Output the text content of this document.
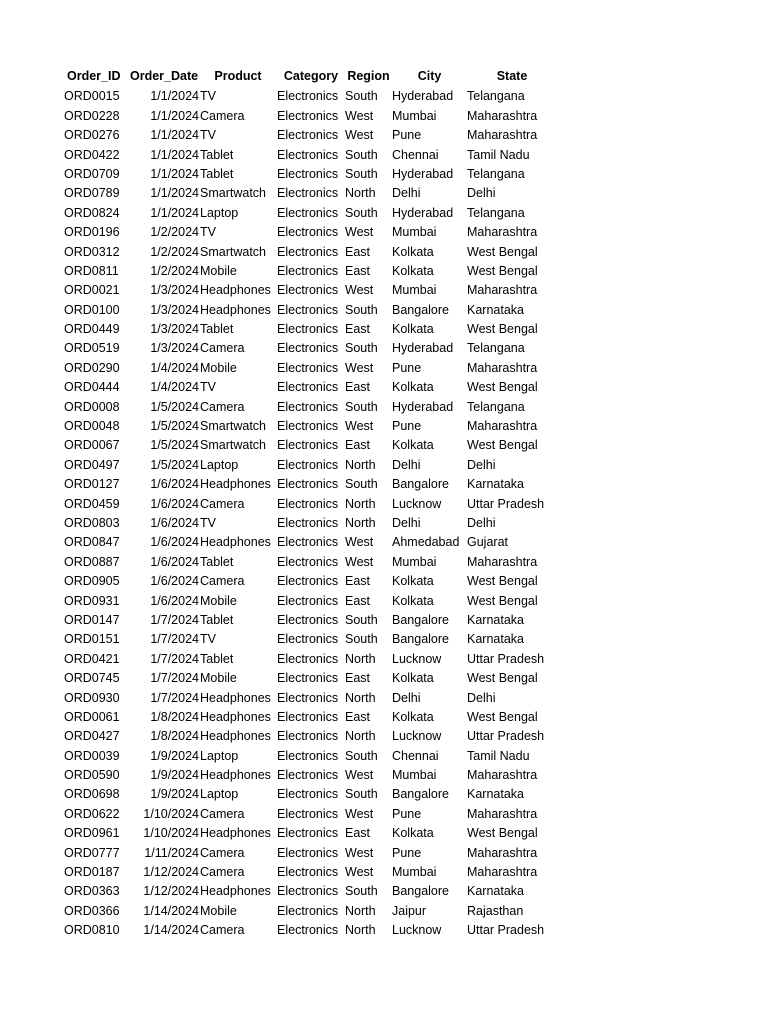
Order_ID Order_Date	Product	Category Region	City	State
ORD0015	1/1/2024 TV	Electronics South	Hyderabad	Telangana
ORD0228	1/1/2024 Camera	Electronics West	Mumbai	Maharashtra
ORD0276	1/1/2024 TV	Electronics West	Pune	Maharashtra
ORD0422	1/1/2024 Tablet	Electronics South	Chennai	Tamil Nadu
ORD0709	1/1/2024 Tablet	Electronics South	Hyderabad	Telangana
ORD0789	1/1/2024 Smartwatch Electronics North	Delhi	Delhi
ORD0824	1/1/2024 Laptop	Electronics South	Hyderabad	Telangana
ORD0196	1/2/2024 TV	Electronics West	Mumbai	Maharashtra
ORD0312	1/2/2024 Smartwatch Electronics East	Kolkata	West Bengal
ORD0811	1/2/2024 Mobile	Electronics East	Kolkata	West Bengal
ORD0021	1/3/2024 Headphones Electronics West	Mumbai	Maharashtra
ORD0100	1/3/2024 Headphones Electronics South	Bangalore	Karnataka
ORD0449	1/3/2024 Tablet	Electronics East	Kolkata	West Bengal
ORD0519	1/3/2024 Camera	Electronics South	Hyderabad	Telangana
ORD0290	1/4/2024 Mobile	Electronics West	Pune	Maharashtra
ORD0444	1/4/2024 TV	Electronics East	Kolkata	West Bengal
ORD0008	1/5/2024 Camera	Electronics South	Hyderabad	Telangana
ORD0048	1/5/2024 Smartwatch Electronics West	Pune	Maharashtra
ORD0067	1/5/2024 Smartwatch Electronics East	Kolkata	West Bengal
ORD0497	1/5/2024 Laptop	Electronics North	Delhi	Delhi
ORD0127	1/6/2024 Headphones Electronics South	Bangalore	Karnataka
ORD0459	1/6/2024 Camera	Electronics North	Lucknow	Uttar Pradesh
ORD0803	1/6/2024 TV	Electronics North	Delhi	Delhi
ORD0847	1/6/2024 Headphones Electronics West	Ahmedabad Gujarat
ORD0887	1/6/2024 Tablet	Electronics West	Mumbai	Maharashtra
ORD0905	1/6/2024 Camera	Electronics East	Kolkata	West Bengal
ORD0931	1/6/2024 Mobile	Electronics East	Kolkata	West Bengal
ORD0147	1/7/2024 Tablet	Electronics South	Bangalore	Karnataka
ORD0151	1/7/2024 TV	Electronics South	Bangalore	Karnataka
ORD0421	1/7/2024 Tablet	Electronics North	Lucknow	Uttar Pradesh
ORD0745	1/7/2024 Mobile	Electronics East	Kolkata	West Bengal
ORD0930	1/7/2024 Headphones Electronics North	Delhi	Delhi
ORD0061	1/8/2024 Headphones Electronics East	Kolkata	West Bengal
ORD0427	1/8/2024 Headphones Electronics North	Lucknow	Uttar Pradesh
ORD0039	1/9/2024 Laptop	Electronics South	Chennai	Tamil Nadu
ORD0590	1/9/2024 Headphones Electronics West	Mumbai	Maharashtra
ORD0698	1/9/2024 Laptop	Electronics South	Bangalore	Karnataka
ORD0622	1/10/2024 Camera	Electronics West	Pune	Maharashtra
ORD0961	1/10/2024 Headphones Electronics East	Kolkata	West Bengal
ORD0777	1/11/2024 Camera	Electronics West	Pune	Maharashtra
ORD0187	1/12/2024 Camera	Electronics West	Mumbai	Maharashtra
ORD0363	1/12/2024 Headphones Electronics South	Bangalore	Karnataka
ORD0366	1/14/2024 Mobile	Electronics North	Jaipur	Rajasthan
ORD0810	1/14/2024 Camera	Electronics North	Lucknow	Uttar Pradesh
